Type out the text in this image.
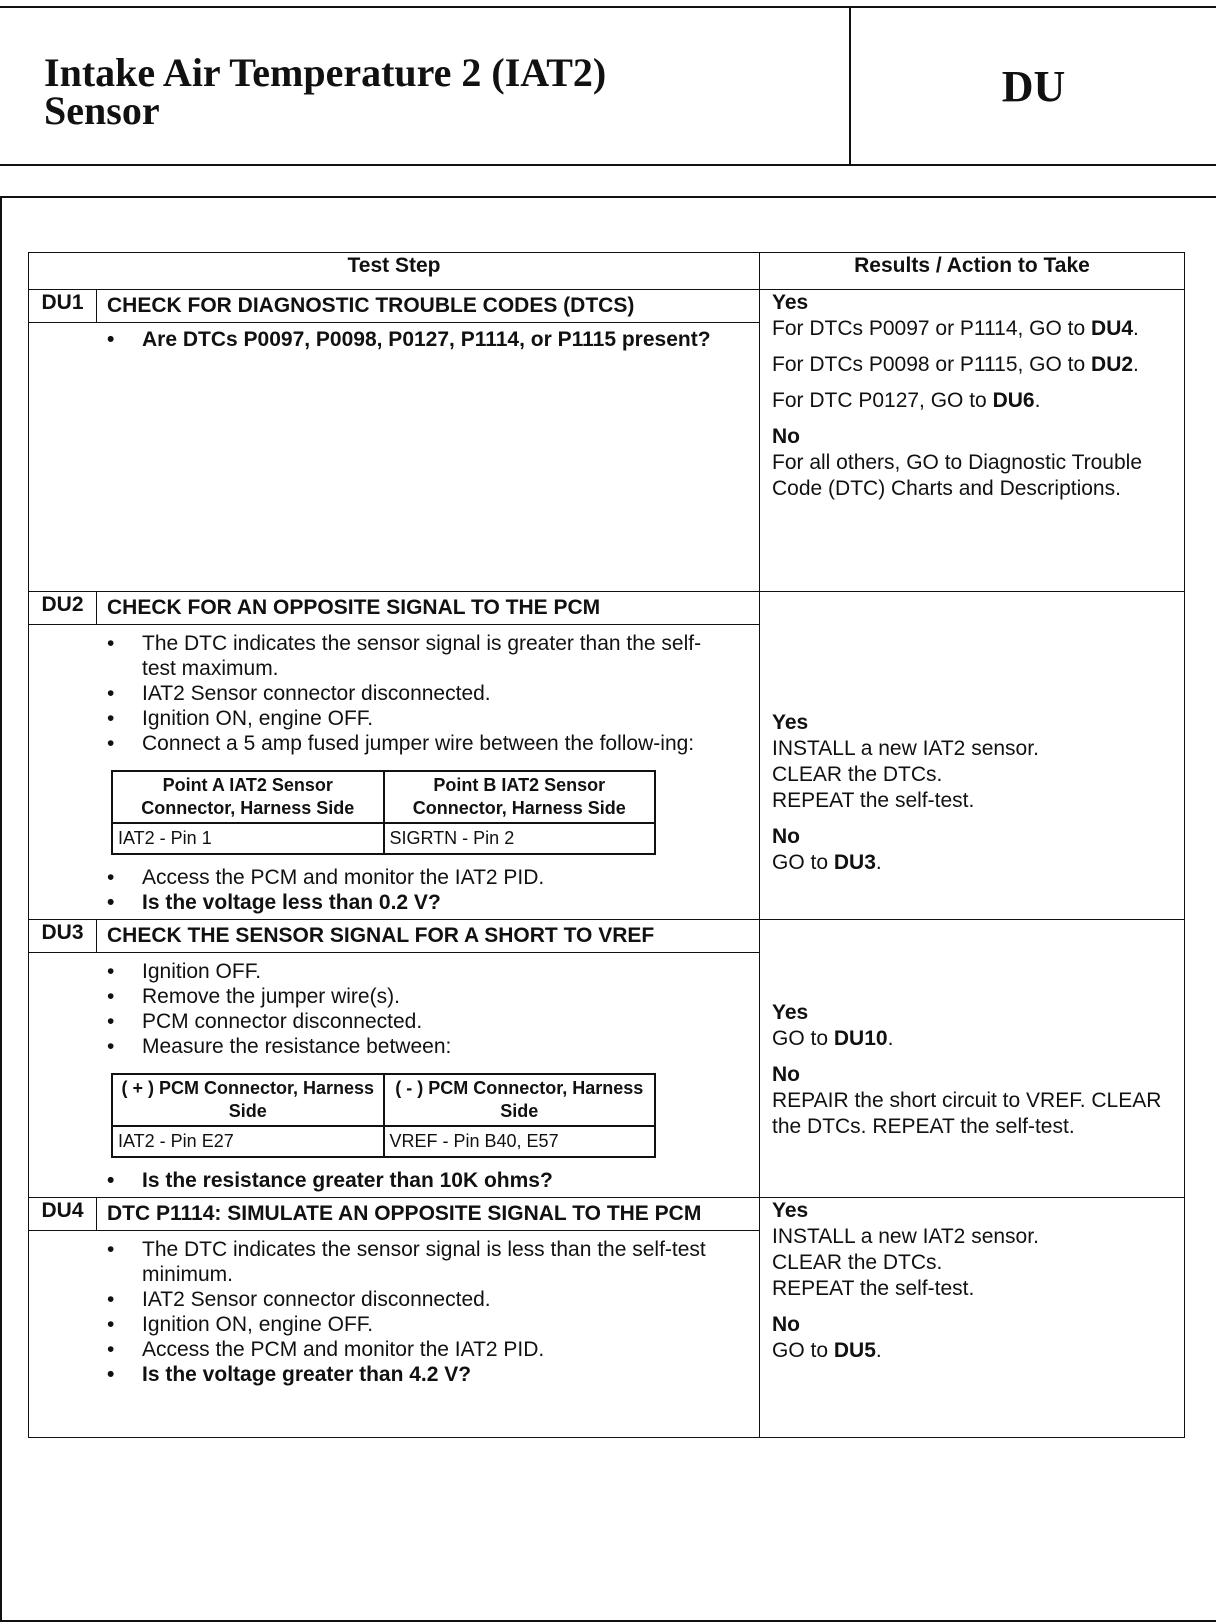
Intake Air Temperature 2 (IAT2)
Sensor	DU
Test Step	Results / Action to Take
DU1	CHECK FOR DIAGNOSTIC TROUBLE CODES (DTCS)	Yes
For DTCs P0097 or P1114, GO to DU4.
For DTCs P0098 or P1115, GO to DU2.
For DTC P0127, GO to DU6.
No
For all others, GO to Diagnostic Trouble Code (DTC) Charts and Descriptions.

• Are DTCs P0097, P0098, P0127, P1114, or P1115 present?

DU2	CHECK FOR AN OPPOSITE SIGNAL TO THE PCM	
Yes
INSTALL a new IAT2 sensor.
CLEAR the DTCs.
REPEAT the self-test.
No
GO to DU3.

• The DTC indicates the sensor signal is greater than the self-test maximum.
• IAT2 Sensor connector disconnected.
• Ignition ON, engine OFF.
• Connect a 5 amp fused jumper wire between the follow-ing:
Point A IAT2 Sensor Connector, Harness Side	Point B IAT2 Sensor Connector, Harness Side
IAT2 - Pin 1	SIGRTN - Pin 2
• Access the PCM and monitor the IAT2 PID.
• Is the voltage less than 0.2 V?

DU3	CHECK THE SENSOR SIGNAL FOR A SHORT TO VREF	
Yes
GO to DU10.
No
REPAIR the short circuit to VREF. CLEAR the DTCs. REPEAT the self-test.

• Ignition OFF.
• Remove the jumper wire(s).
• PCM connector disconnected.
• Measure the resistance between:
( + ) PCM Connector, Harness Side	( - ) PCM Connector, Harness Side
IAT2 - Pin E27	VREF - Pin B40, E57
• Is the resistance greater than 10K ohms?

DU4	DTC P1114: SIMULATE AN OPPOSITE SIGNAL TO THE PCM	Yes
INSTALL a new IAT2 sensor.
CLEAR the DTCs.
REPEAT the self-test.
No
GO to DU5.

• The DTC indicates the sensor signal is less than the self-test minimum.
• IAT2 Sensor connector disconnected.
• Ignition ON, engine OFF.
• Access the PCM and monitor the IAT2 PID.
• Is the voltage greater than 4.2 V?
